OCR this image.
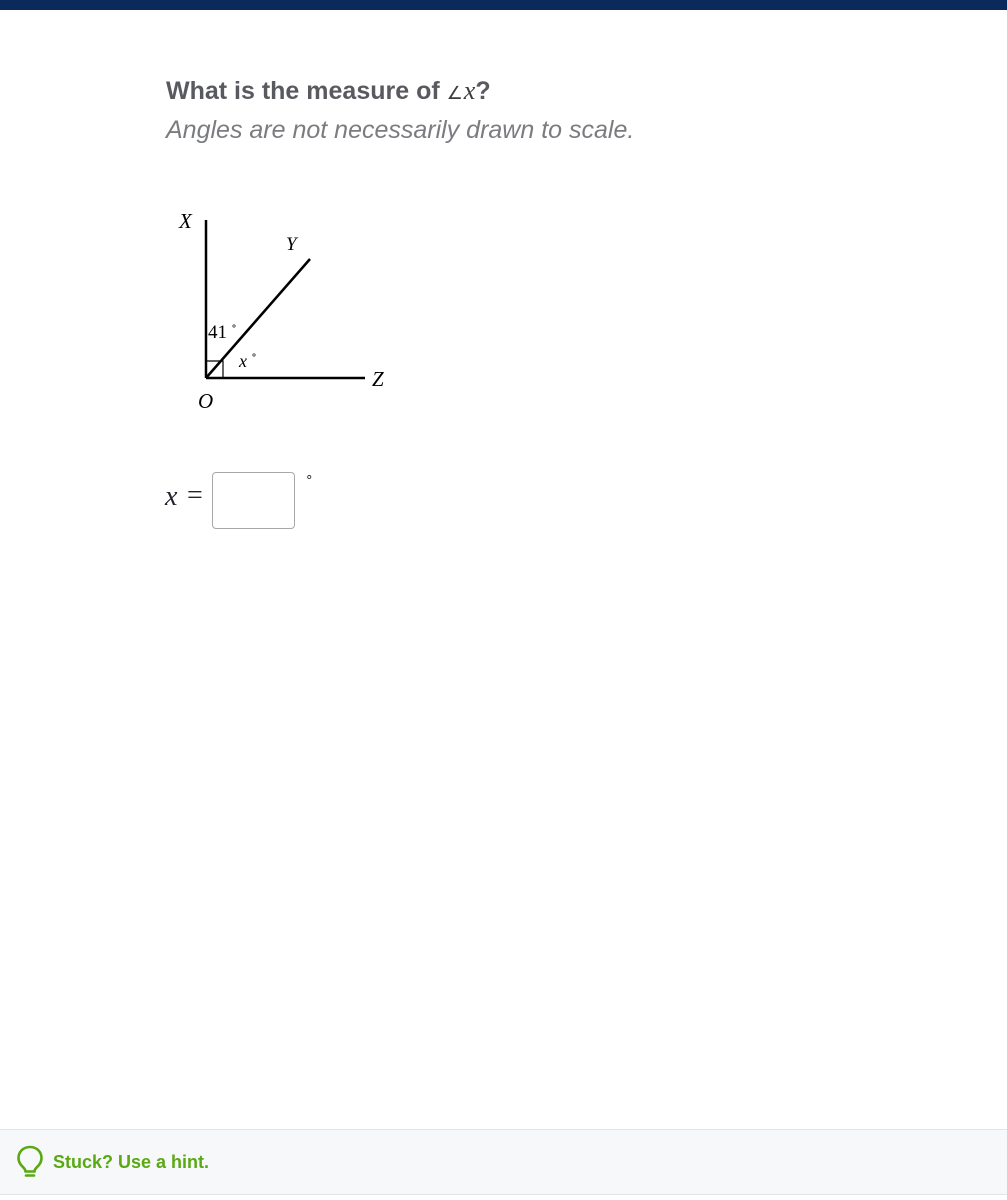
What is the measure of ∠x?
Angles are not necessarily drawn to scale.
X
Y
Z
O
41
x
x =	°
Stuck? Use a hint.
